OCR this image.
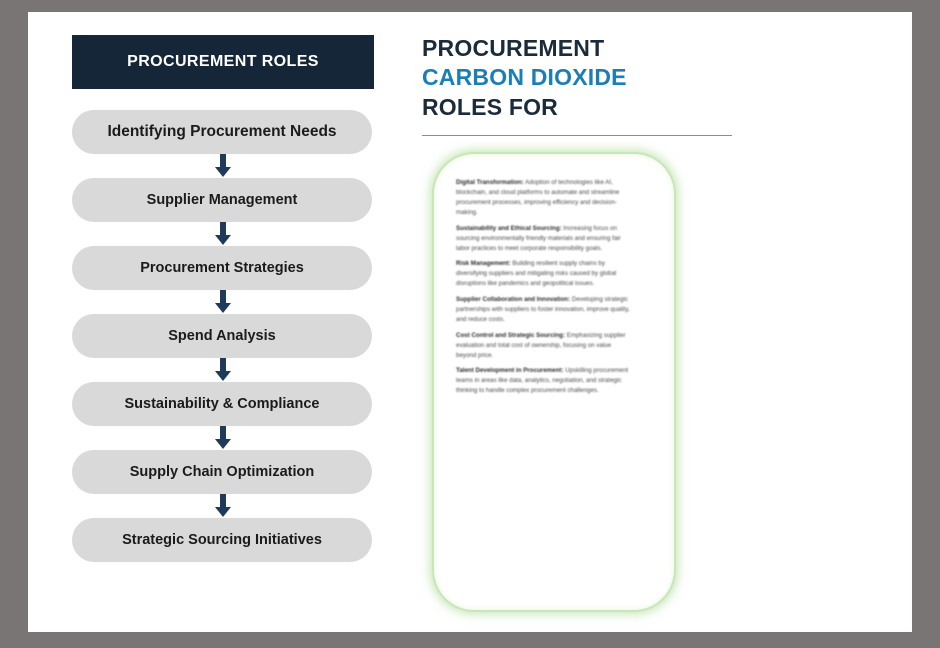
PROCUREMENT ROLES
Identifying Procurement Needs
Supplier Management
Procurement Strategies
Spend Analysis
Sustainability & Compliance
Supply Chain Optimization
Strategic Sourcing Initiatives
PROCUREMENT CARBON DIOXIDE
ROLES FOR
Digital Transformation: Adoption of technologies like AI, blockchain, and cloud platforms to automate and streamline procurement processes, improving efficiency and decision-making.
Sustainability and Ethical Sourcing: Increasing focus on sourcing environmentally friendly materials and ensuring fair labor practices to meet corporate responsibility goals.
Risk Management: Building resilient supply chains by diversifying suppliers and mitigating risks caused by global disruptions like pandemics and geopolitical issues.
Supplier Collaboration and Innovation: Developing strategic partnerships with suppliers to foster innovation, improve quality, and reduce costs.
Cost Control and Strategic Sourcing: Emphasizing supplier evaluation and total cost of ownership, focusing on value beyond price.
Talent Development in Procurement: Upskilling procurement teams in areas like data, analytics, negotiation, and strategic thinking to handle complex procurement challenges.
